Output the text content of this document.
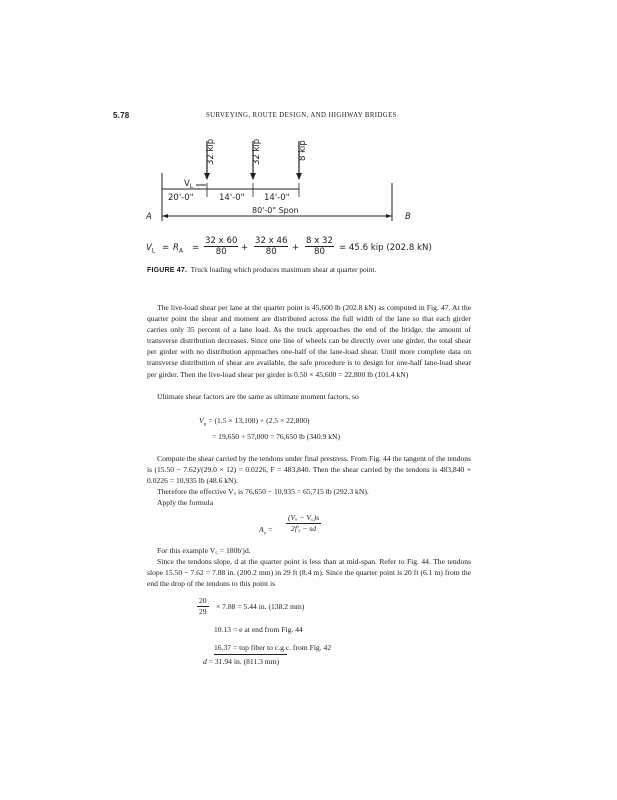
5.78	SURVEYING, ROUTE DESIGN, AND HIGHWAY BRIDGES
32 kip	32 kip	8 kip
$V_L$
20'-0"	14'-0" 14'-0"
80'-0" Spon
A	B
$V_L = R_A = \frac{32 x 60}{80} + \frac{32 x 46}{80} + \frac{8 x 32}{80} = 45.6$ kip (202.8 kN)
FIGURE 47. Truck loading which produces maximum shear at quarter point.

The live-load shear per lane at the quarter point is 45,600 lb (202.8 kN) as computed in Fig. 47. At the quarter point the shear and moment are distributed across the full width of the lane so that each girder carries only 35 percent of a lane load. As the truck approaches the end of the bridge, the amount of transverse distribution decreases. Since one line of wheels can be directly over one girder, the total shear per girder with no distribution approaches one-half of the lane-load shear. Until more complete data on transverse distribution of shear are available, the safe procedure is to design for one-half lane-load shear per girder. Then the live-load shear per girder is 0.50 × 45,600 = 22,800 lb (101.4 kN)

Ultimate shear factors are the same as ultimate moment factors, so

$V_u = (1.5 \times 13,100) + (2.5 \times 22,800)$
= 19,650 + 57,000 = 76,650 lb (340.9 kN)

Compute the shear carried by the tendons under final prestress. From Fig. 44 the tangent of the tendons is (15.50 − 7.62)/(29.0 × 12) = 0.0226, F = 483,840. Then the shear carried by the tendons is 483,840 × 0.0226 = 10,935 lb (48.6 kN).

Therefore the effective Vᵤ is 76,650 − 10,935 = 65,715 lb (292.3 kN).

Apply the formula

$A_v = \frac{\text{(Vᵤ − V꜀)s}}{\text{2f′ᵧ − sd}}$

For this example V꜀ = 180b′jd.

Since the tendons slope, d at the quarter point is less than at mid-span. Refer to Fig. 44. The tendons slope 15.50 − 7.62 = 7.88 in. (200.2 mm) in 29 ft (8.4 m). Since the quarter point is 20 ft (6.1 m) from the end the drop of the tendons to this point is

$\frac{20}{29} \times 7.88 = 5.44$ in. (138.2 mm)
10.13 = e at end from Fig. 44
16.37 = top fiber to c.g.c. from Fig. 42
d = 31.94 in. (811.3 mm)
